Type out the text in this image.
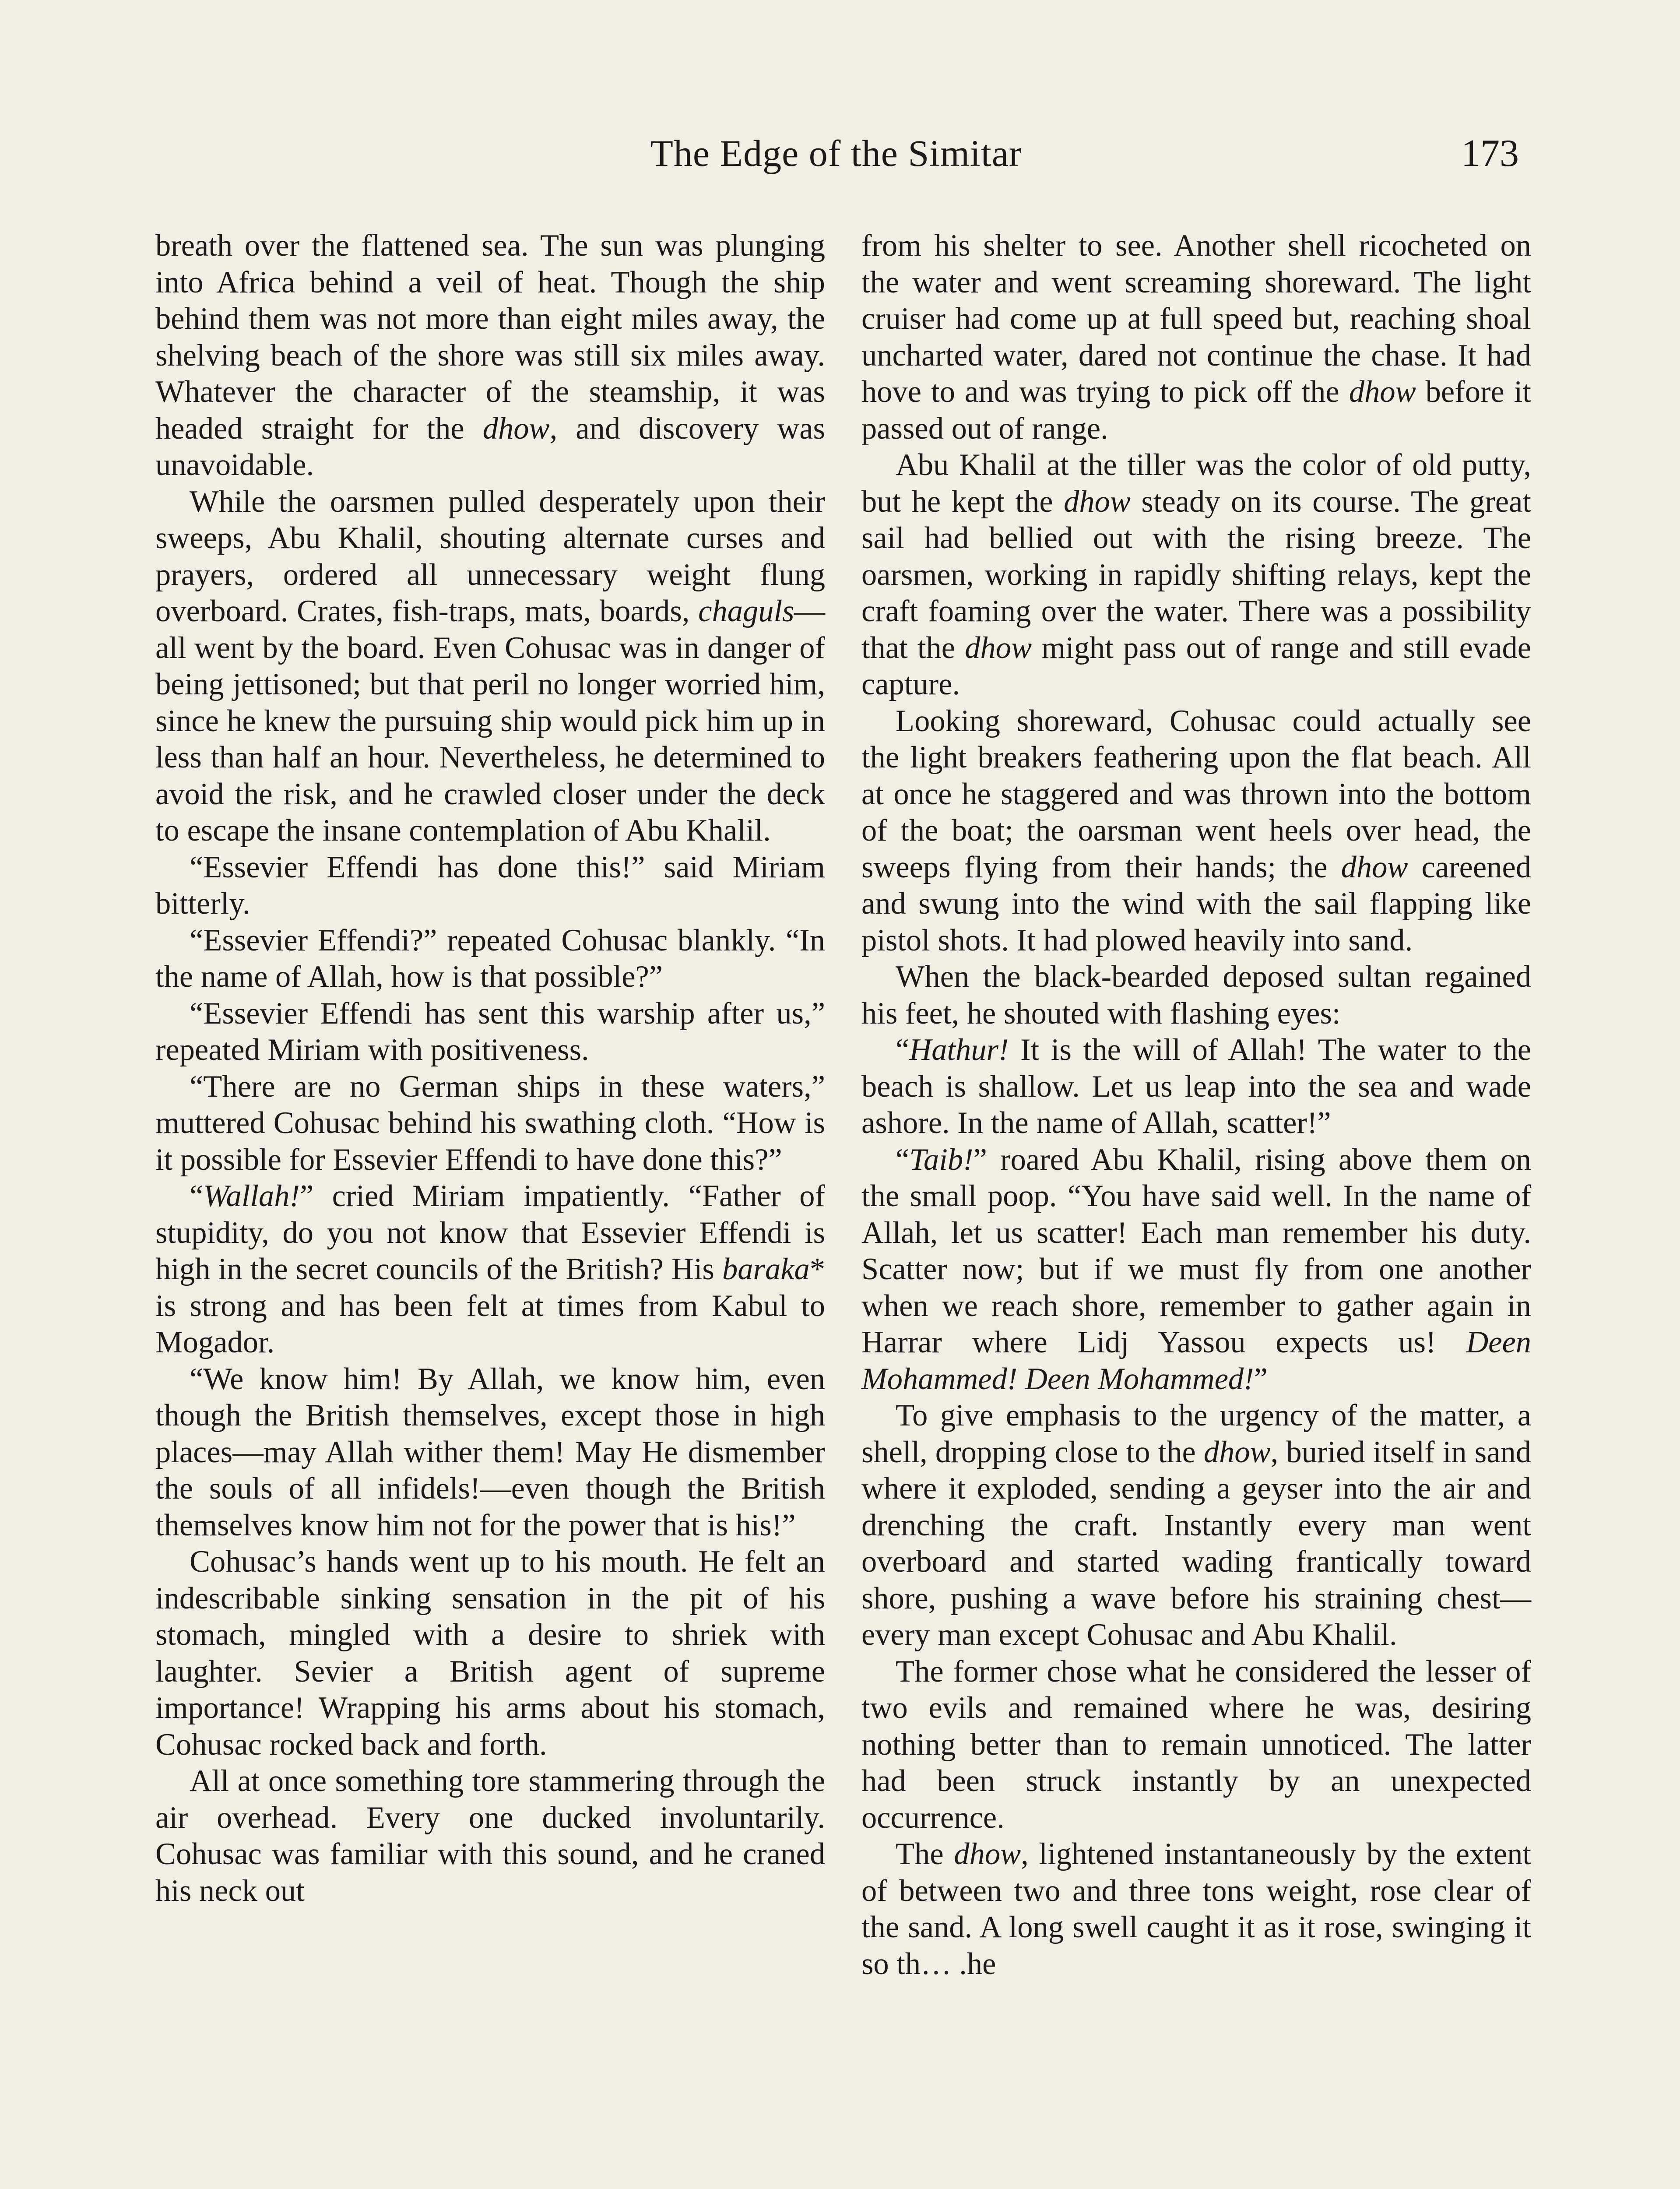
The Edge of the Simitar	173

breath over the flattened sea. The sun was plunging into Africa behind a veil of heat. Though the ship behind them was not more than eight miles away, the shelving beach of the shore was still six miles away. Whatever the character of the steamship, it was headed straight for the dhow, and discovery was unavoidable.

While the oarsmen pulled desperately upon their sweeps, Abu Khalil, shouting alternate curses and prayers, ordered all unnecessary weight flung overboard. Crates, fish-traps, mats, boards, chaguls—all went by the board. Even Cohusac was in danger of being jettisoned; but that peril no longer worried him, since he knew the pursuing ship would pick him up in less than half an hour. Nevertheless, he determined to avoid the risk, and he crawled closer under the deck to escape the insane contemplation of Abu Khalil.

“Essevier Effendi has done this!” said Miriam bitterly.

“Essevier Effendi?” repeated Cohusac blankly. “In the name of Allah, how is that possible?”

“Essevier Effendi has sent this warship after us,” repeated Miriam with positiveness.

“There are no German ships in these waters,” muttered Cohusac behind his swathing cloth. “How is it possible for Essevier Effendi to have done this?”

“Wallah!” cried Miriam impatiently. “Father of stupidity, do you not know that Essevier Effendi is high in the secret councils of the British? His baraka* is strong and has been felt at times from Kabul to Mogador.

“We know him! By Allah, we know him, even though the British themselves, except those in high places—may Allah wither them! May He dismember the souls of all infidels!—even though the British themselves know him not for the power that is his!”

Cohusac’s hands went up to his mouth. He felt an indescribable sinking sensation in the pit of his stomach, mingled with a desire to shriek with laughter. Sevier a British agent of supreme importance! Wrapping his arms about his stomach, Cohusac rocked back and forth.

All at once something tore stammering through the air overhead. Every one ducked involuntarily. Cohusac was familiar with this sound, and he craned his neck out

from his shelter to see. Another shell ricocheted on the water and went screaming shoreward. The light cruiser had come up at full speed but, reaching shoal uncharted water, dared not continue the chase. It had hove to and was trying to pick off the dhow before it passed out of range.

Abu Khalil at the tiller was the color of old putty, but he kept the dhow steady on its course. The great sail had bellied out with the rising breeze. The oarsmen, working in rapidly shifting relays, kept the craft foaming over the water. There was a possibility that the dhow might pass out of range and still evade capture.

Looking shoreward, Cohusac could actually see the light breakers feathering upon the flat beach. All at once he staggered and was thrown into the bottom of the boat; the oarsman went heels over head, the sweeps flying from their hands; the dhow careened and swung into the wind with the sail flapping like pistol shots. It had plowed heavily into sand.

When the black-bearded deposed sultan regained his feet, he shouted with flashing eyes:

“Hathur! It is the will of Allah! The water to the beach is shallow. Let us leap into the sea and wade ashore. In the name of Allah, scatter!”

“Taib!” roared Abu Khalil, rising above them on the small poop. “You have said well. In the name of Allah, let us scatter! Each man remember his duty. Scatter now; but if we must fly from one another when we reach shore, remember to gather again in Harrar where Lidj Yassou expects us! Deen Mohammed! Deen Mohammed!”

To give emphasis to the urgency of the matter, a shell, dropping close to the dhow, buried itself in sand where it exploded, sending a geyser into the air and drenching the craft. Instantly every man went overboard and started wading frantically toward shore, pushing a wave before his straining chest—every man except Cohusac and Abu Khalil.

The former chose what he considered the lesser of two evils and remained where he was, desiring nothing better than to remain unnoticed. The latter had been struck instantly by an unexpected occurrence.

The dhow, lightened instantaneously by the extent of between two and three tons weight, rose clear of the sand. A long swell caught it as it rose, swinging it so th… .he
